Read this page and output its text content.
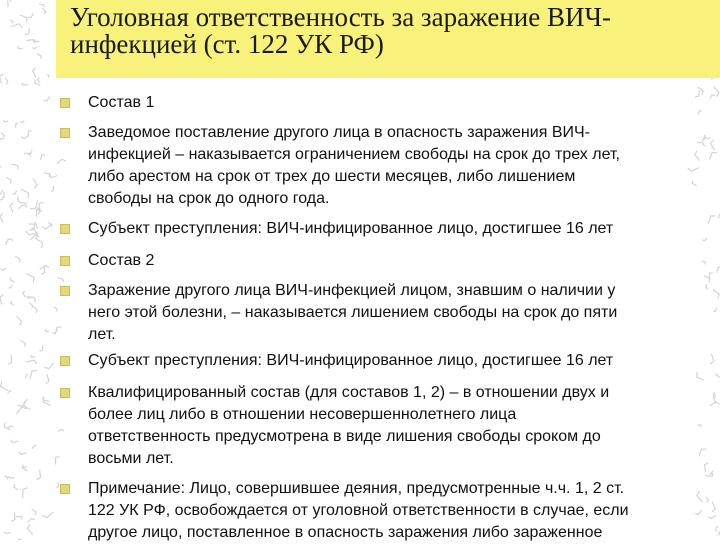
Уголовная ответственность за заражение ВИЧ-
инфекцией (ст. 122 УК РФ)
Состав 1
Заведомое поставление другого лица в опасность заражения ВИЧ-
инфекцией – наказывается ограничением свободы на срок до трех лет,
либо арестом на срок от трех до шести месяцев, либо лишением
свободы на срок до одного года.
Субъект преступления: ВИЧ-инфицированное лицо, достигшее 16 лет
Состав 2
Заражение другого лица ВИЧ-инфекцией лицом, знавшим о наличии у
него этой болезни, – наказывается лишением свободы на срок до пяти
лет.
Субъект преступления: ВИЧ-инфицированное лицо, достигшее 16 лет
Квалифицированный состав (для составов 1, 2) – в отношении двух и
более лиц либо в отношении несовершеннолетнего лица
ответственность предусмотрена в виде лишения свободы сроком до
восьми лет.
Примечание: Лицо, совершившее деяния, предусмотренные ч.ч. 1, 2 ст.
122 УК РФ, освобождается от уголовной ответственности в случае, если
другое лицо, поставленное в опасность заражения либо зараженное
